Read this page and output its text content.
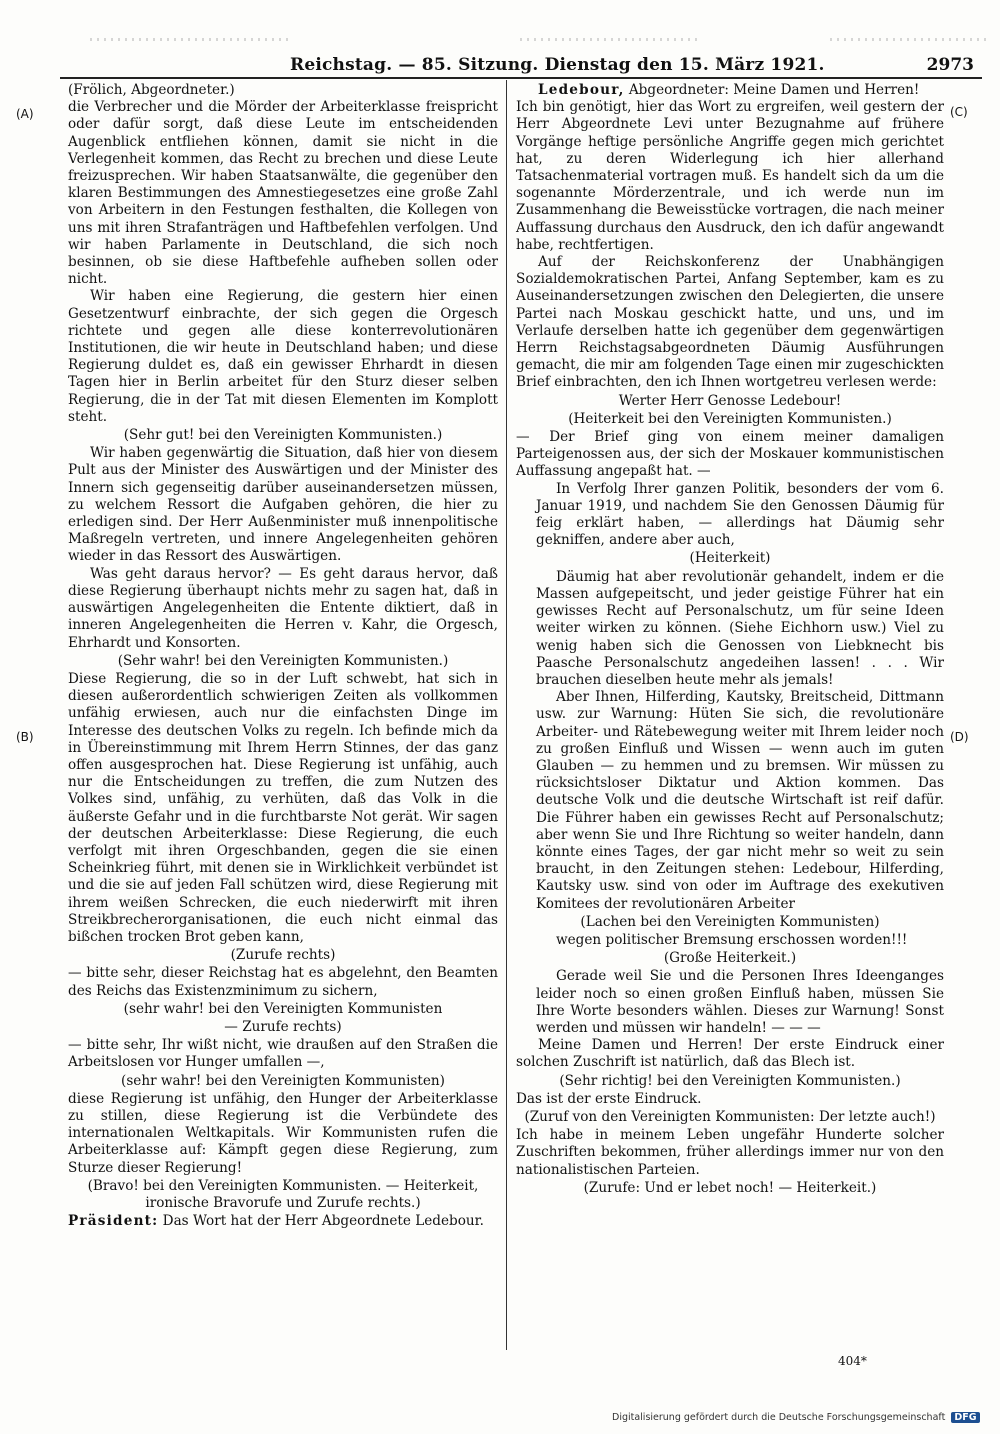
Reichstag. — 85. Sitzung. Dienstag den 15. März 1921.	2973
(A)
(B)
(C)
(D)

(Frölich, Abgeordneter.)

die Verbrecher und die Mörder der Arbeiterklasse freispricht oder dafür sorgt, daß diese Leute im entscheidenden Augenblick entfliehen können, damit sie nicht in die Verlegenheit kommen, das Recht zu brechen und diese Leute freizusprechen. Wir haben Staatsanwälte, die gegenüber den klaren Bestimmungen des Amnestiegesetzes eine große Zahl von Arbeitern in den Festungen festhalten, die Kollegen von uns mit ihren Strafanträgen und Haftbefehlen verfolgen. Und wir haben Parlamente in Deutschland, die sich noch besinnen, ob sie diese Haftbefehle aufheben sollen oder nicht.

Wir haben eine Regierung, die gestern hier einen Gesetzentwurf einbrachte, der sich gegen die Orgesch richtete und gegen alle diese konterrevolutionären Institutionen, die wir heute in Deutschland haben; und diese Regierung duldet es, daß ein gewisser Ehrhardt in diesen Tagen hier in Berlin arbeitet für den Sturz dieser selben Regierung, die in der Tat mit diesen Elementen im Komplott steht.

(Sehr gut! bei den Vereinigten Kommunisten.)

Wir haben gegenwärtig die Situation, daß hier von diesem Pult aus der Minister des Auswärtigen und der Minister des Innern sich gegenseitig darüber auseinandersetzen müssen, zu welchem Ressort die Aufgaben gehören, die hier zu erledigen sind. Der Herr Außenminister muß innenpolitische Maßregeln vertreten, und innere Angelegenheiten gehören wieder in das Ressort des Auswärtigen.

Was geht daraus hervor? — Es geht daraus hervor, daß diese Regierung überhaupt nichts mehr zu sagen hat, daß in auswärtigen Angelegenheiten die Entente diktiert, daß in inneren Angelegenheiten die Herren v. Kahr, die Orgesch, Ehrhardt und Konsorten.

(Sehr wahr! bei den Vereinigten Kommunisten.)

Diese Regierung, die so in der Luft schwebt, hat sich in diesen außerordentlich schwierigen Zeiten als vollkommen unfähig erwiesen, auch nur die einfachsten Dinge im Interesse des deutschen Volks zu regeln. Ich befinde mich da in Übereinstimmung mit Ihrem Herrn Stinnes, der das ganz offen ausgesprochen hat. Diese Regierung ist unfähig, auch nur die Entscheidungen zu treffen, die zum Nutzen des Volkes sind, unfähig, zu verhüten, daß das Volk in die äußerste Gefahr und in die furchtbarste Not gerät. Wir sagen der deutschen Arbeiterklasse: Diese Regierung, die euch verfolgt mit ihren Orgeschbanden, gegen die sie einen Scheinkrieg führt, mit denen sie in Wirklichkeit verbündet ist und die sie auf jeden Fall schützen wird, diese Regierung mit ihrem weißen Schrecken, die euch niederwirft mit ihren Streikbrecherorganisationen, die euch nicht einmal das bißchen trocken Brot geben kann,

(Zurufe rechts)

— bitte sehr, dieser Reichstag hat es abgelehnt, den Beamten des Reichs das Existenzminimum zu sichern,

(sehr wahr! bei den Vereinigten Kommunisten

— Zurufe rechts)

— bitte sehr, Ihr wißt nicht, wie draußen auf den Straßen die Arbeitslosen vor Hunger umfallen —,

(sehr wahr! bei den Vereinigten Kommunisten)

diese Regierung ist unfähig, den Hunger der Arbeiterklasse zu stillen, diese Regierung ist die Verbündete des internationalen Weltkapitals. Wir Kommunisten rufen die Arbeiterklasse auf: Kämpft gegen diese Regierung, zum Sturze dieser Regierung!

(Bravo! bei den Vereinigten Kommunisten. — Heiterkeit, ironische Bravorufe und Zurufe rechts.)

Präsident: Das Wort hat der Herr Abgeordnete Ledebour.

Ledebour, Abgeordneter: Meine Damen und Herren!

Ich bin genötigt, hier das Wort zu ergreifen, weil gestern der Herr Abgeordnete Levi unter Bezugnahme auf frühere Vorgänge heftige persönliche Angriffe gegen mich gerichtet hat, zu deren Widerlegung ich hier allerhand Tatsachenmaterial vortragen muß. Es handelt sich da um die sogenannte Mörderzentrale, und ich werde nun im Zusammenhang die Beweisstücke vortragen, die nach meiner Auffassung durchaus den Ausdruck, den ich dafür angewandt habe, rechtfertigen.

Auf der Reichskonferenz der Unabhängigen Sozialdemokratischen Partei, Anfang September, kam es zu Auseinandersetzungen zwischen den Delegierten, die unsere Partei nach Moskau geschickt hatte, und uns, und im Verlaufe derselben hatte ich gegenüber dem gegenwärtigen Herrn Reichstagsabgeordneten Däumig Ausführungen gemacht, die mir am folgenden Tage einen mir zugeschickten Brief einbrachten, den ich Ihnen wortgetreu verlesen werde:

Werter Herr Genosse Ledebour!

(Heiterkeit bei den Vereinigten Kommunisten.)

— Der Brief ging von einem meiner damaligen Parteigenossen aus, der sich der Moskauer kommunistischen Auffassung angepaßt hat. —

In Verfolg Ihrer ganzen Politik, besonders der vom 6. Januar 1919, und nachdem Sie den Genossen Däumig für feig erklärt haben, — allerdings hat Däumig sehr gekniffen, andere aber auch,

(Heiterkeit)

Däumig hat aber revolutionär gehandelt, indem er die Massen aufgepeitscht, und jeder geistige Führer hat ein gewisses Recht auf Personalschutz, um für seine Ideen weiter wirken zu können. (Siehe Eichhorn usw.) Viel zu wenig haben sich die Genossen von Liebknecht bis Paasche Personalschutz angedeihen lassen! . . . Wir brauchen dieselben heute mehr als jemals!

Aber Ihnen, Hilferding, Kautsky, Breitscheid, Dittmann usw. zur Warnung: Hüten Sie sich, die revolutionäre Arbeiter- und Rätebewegung weiter mit Ihrem leider noch zu großen Einfluß und Wissen — wenn auch im guten Glauben — zu hemmen und zu bremsen. Wir müssen zu rücksichtsloser Diktatur und Aktion kommen. Das deutsche Volk und die deutsche Wirtschaft ist reif dafür. Die Führer haben ein gewisses Recht auf Personalschutz; aber wenn Sie und Ihre Richtung so weiter handeln, dann könnte eines Tages, der gar nicht mehr so weit zu sein braucht, in den Zeitungen stehen: Ledebour, Hilferding, Kautsky usw. sind von oder im Auftrage des exekutiven Komitees der revolutionären Arbeiter

(Lachen bei den Vereinigten Kommunisten)

wegen politischer Bremsung erschossen worden!!!

(Große Heiterkeit.)

Gerade weil Sie und die Personen Ihres Ideenganges leider noch so einen großen Einfluß haben, müssen Sie Ihre Worte besonders wählen. Dieses zur Warnung! Sonst werden und müssen wir handeln! — — —

Meine Damen und Herren! Der erste Eindruck einer solchen Zuschrift ist natürlich, daß das Blech ist.

(Sehr richtig! bei den Vereinigten Kommunisten.)

Das ist der erste Eindruck.

(Zuruf von den Vereinigten Kommunisten: Der letzte auch!)

Ich habe in meinem Leben ungefähr Hunderte solcher Zuschriften bekommen, früher allerdings immer nur von den nationalistischen Parteien.

(Zurufe: Und er lebet noch! — Heiterkeit.)

404*
Digitalisierung gefördert durch die Deutsche Forschungsgemeinschaft DFG
